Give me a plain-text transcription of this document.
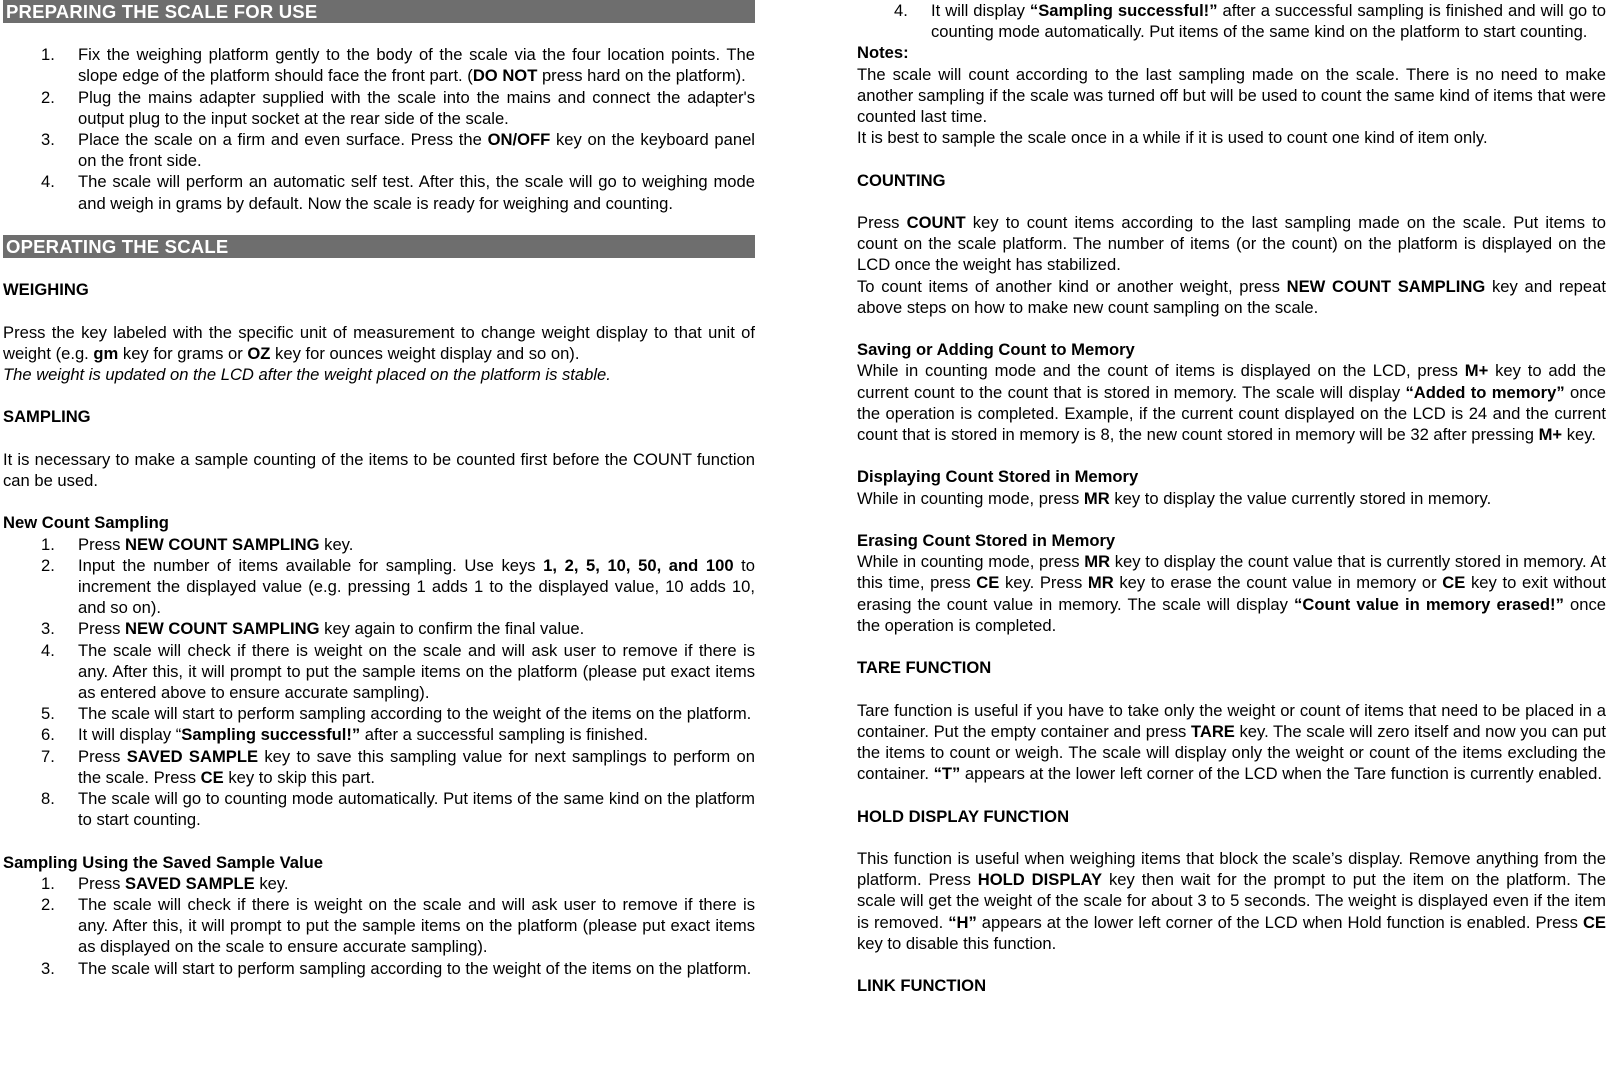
PREPARING THE SCALE FOR USE
1. Fix the weighing platform gently to the body of the scale via the four location points. The slope edge of the platform should face the front part. (DO NOT press hard on the platform).
2. Plug the mains adapter supplied with the scale into the mains and connect the adapter's output plug to the input socket at the rear side of the scale.
3. Place the scale on a firm and even surface. Press the ON/OFF key on the keyboard panel on the front side.
4. The scale will perform an automatic self test. After this, the scale will go to weighing mode and weigh in grams by default. Now the scale is ready for weighing and counting.
OPERATING THE SCALE

WEIGHING

Press the key labeled with the specific unit of measurement to change weight display to that unit of weight (e.g. gm key for grams or OZ key for ounces weight display and so on).

The weight is updated on the LCD after the weight placed on the platform is stable.

SAMPLING

It is necessary to make a sample counting of the items to be counted first before the COUNT function can be used.

New Count Sampling

1. Press NEW COUNT SAMPLING key.
2. Input the number of items available for sampling. Use keys 1, 2, 5, 10, 50, and 100 to increment the displayed value (e.g. pressing 1 adds 1 to the displayed value, 10 adds 10, and so on).
3. Press NEW COUNT SAMPLING key again to confirm the final value.
4. The scale will check if there is weight on the scale and will ask user to remove if there is any. After this, it will prompt to put the sample items on the platform (please put exact items as entered above to ensure accurate sampling).
5. The scale will start to perform sampling according to the weight of the items on the platform.
6. It will display “Sampling successful!” after a successful sampling is finished.
7. Press SAVED SAMPLE key to save this sampling value for next samplings to perform on the scale. Press CE key to skip this part.
8. The scale will go to counting mode automatically. Put items of the same kind on the platform to start counting.

Sampling Using the Saved Sample Value

1. Press SAVED SAMPLE key.
2. The scale will check if there is weight on the scale and will ask user to remove if there is any. After this, it will prompt to put the sample items on the platform (please put exact items as displayed on the scale to ensure accurate sampling).
3. The scale will start to perform sampling according to the weight of the items on the platform.
4. It will display “Sampling successful!” after a successful sampling is finished and will go to counting mode automatically. Put items of the same kind on the platform to start counting.

Notes:

The scale will count according to the last sampling made on the scale. There is no need to make another sampling if the scale was turned off but will be used to count the same kind of items that were counted last time.

It is best to sample the scale once in a while if it is used to count one kind of item only.

COUNTING

Press COUNT key to count items according to the last sampling made on the scale. Put items to count on the scale platform. The number of items (or the count) on the platform is displayed on the LCD once the weight has stabilized.

To count items of another kind or another weight, press NEW COUNT SAMPLING key and repeat above steps on how to make new count sampling on the scale.

Saving or Adding Count to Memory

While in counting mode and the count of items is displayed on the LCD, press M+ key to add the current count to the count that is stored in memory. The scale will display “Added to memory” once the operation is completed. Example, if the current count displayed on the LCD is 24 and the current count that is stored in memory is 8, the new count stored in memory will be 32 after pressing M+ key.

Displaying Count Stored in Memory

While in counting mode, press MR key to display the value currently stored in memory.

Erasing Count Stored in Memory

While in counting mode, press MR key to display the count value that is currently stored in memory. At this time, press CE key. Press MR key to erase the count value in memory or CE key to exit without erasing the count value in memory. The scale will display “Count value in memory erased!” once the operation is completed.

TARE FUNCTION

Tare function is useful if you have to take only the weight or count of items that need to be placed in a container. Put the empty container and press TARE key. The scale will zero itself and now you can put the items to count or weigh. The scale will display only the weight or count of the items excluding the container. “T” appears at the lower left corner of the LCD when the Tare function is currently enabled.

HOLD DISPLAY FUNCTION

This function is useful when weighing items that block the scale’s display. Remove anything from the platform. Press HOLD DISPLAY key then wait for the prompt to put the item on the platform. The scale will get the weight of the scale for about 3 to 5 seconds. The weight is displayed even if the item is removed. “H” appears at the lower left corner of the LCD when Hold function is enabled. Press CE key to disable this function.

LINK FUNCTION
